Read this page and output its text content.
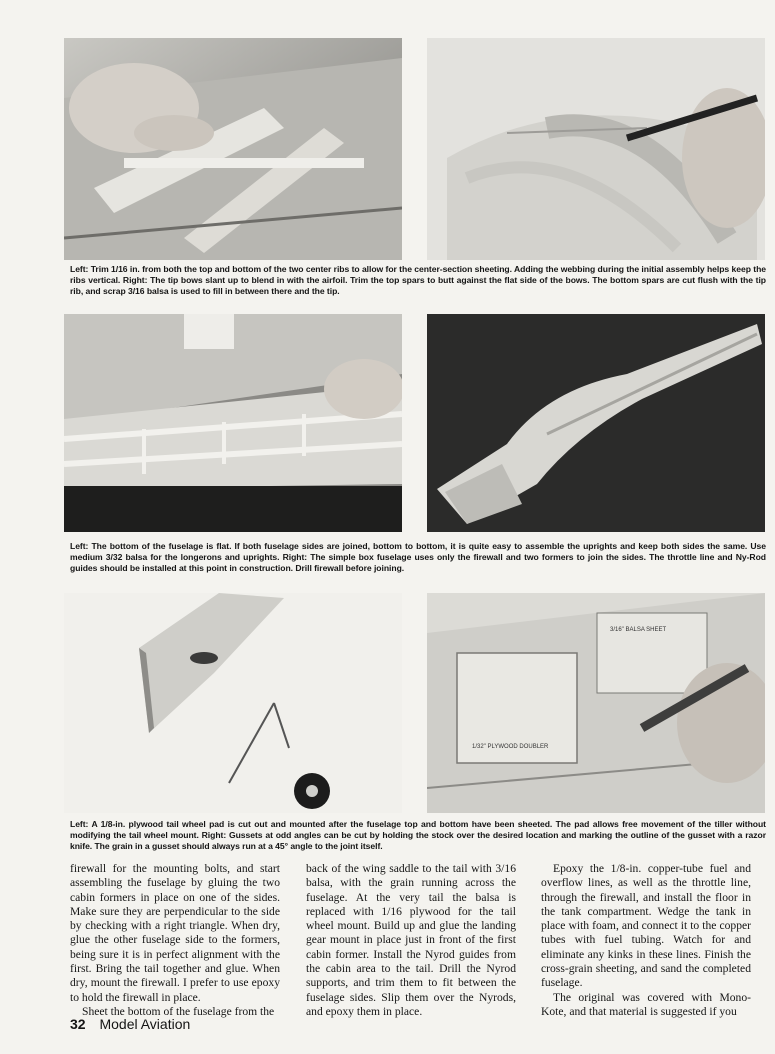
Left: Trim 1/16 in. from both the top and bottom of the two center ribs to allow for the center-section sheeting. Adding the webbing during the initial assembly helps keep the ribs vertical. Right: The tip bows slant up to blend in with the airfoil. Trim the top spars to butt against the flat side of the bows. The bottom spars are cut flush with the tip rib, and scrap 3/16 balsa is used to fill in between there and the tip.

Left: The bottom of the fuselage is flat. If both fuselage sides are joined, bottom to bottom, it is quite easy to assemble the uprights and keep both sides the same. Use medium 3/32 balsa for the longerons and uprights. Right: The simple box fuselage uses only the firewall and two formers to join the sides. The throttle line and Ny-Rod guides should be installed at this point in construction. Drill firewall before joining.

3/16" BALSA SHEET
1/32" PLYWOOD DOUBLER

Left: A 1/8-in. plywood tail wheel pad is cut out and mounted after the fuselage top and bottom have been sheeted. The pad allows free movement of the tiller without modifying the tail wheel mount. Right: Gussets at odd angles can be cut by holding the stock over the desired location and marking the outline of the gusset with a razor knife. The grain in a gusset should always run at a 45° angle to the joint itself.

firewall for the mounting bolts, and start assembling the fuselage by gluing the two cabin formers in place on one of the sides. Make sure they are perpendicular to the side by checking with a right triangle. When dry, glue the other fuselage side to the formers, being sure it is in perfect alignment with the first. Bring the tail together and glue. When dry, mount the firewall. I prefer to use epoxy to hold the firewall in place.

Sheet the bottom of the fuselage from the

back of the wing saddle to the tail with 3/16 balsa, with the grain running across the fuselage. At the very tail the balsa is replaced with 1/16 plywood for the tail wheel mount. Build up and glue the landing gear mount in place just in front of the first cabin former. Install the Nyrod guides from the cabin area to the tail. Drill the Nyrod supports, and trim them to fit between the fuselage sides. Slip them over the Nyrods, and epoxy them in place.

Epoxy the 1/8-in. copper-tube fuel and overflow lines, as well as the throttle line, through the firewall, and install the floor in the tank compartment. Wedge the tank in place with foam, and connect it to the copper tubes with fuel tubing. Watch for and eliminate any kinks in these lines. Finish the cross-grain sheeting, and sand the completed fuselage.

The original was covered with Mono-Kote, and that material is suggested if you

32 Model Aviation
